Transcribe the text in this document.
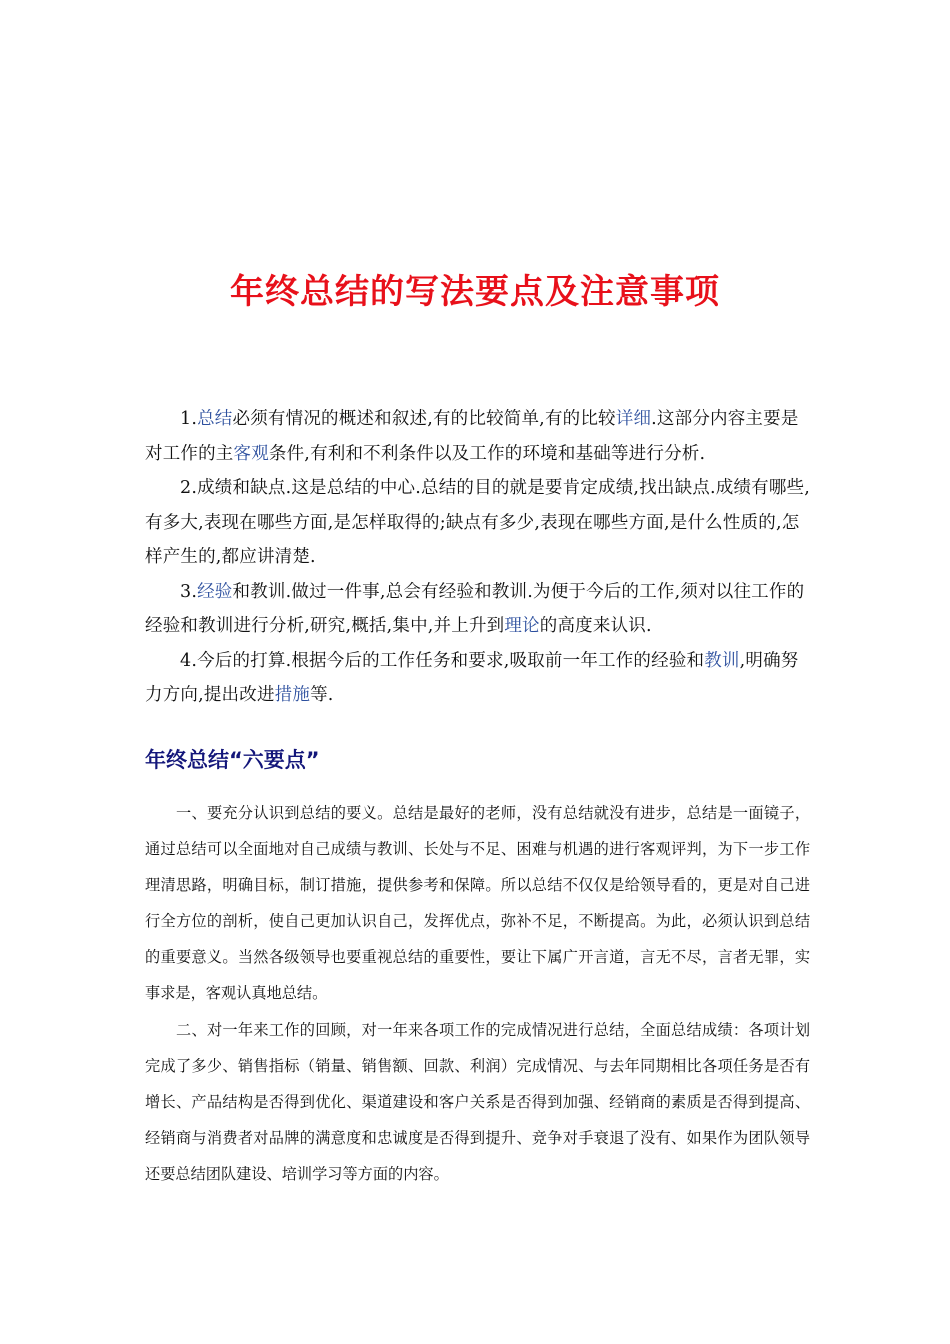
年终总结的写法要点及注意事项

1.总结必须有情况的概述和叙述,有的比较简单,有的比较详细.这部分内容主要是对工作的主客观条件,有利和不利条件以及工作的环境和基础等进行分析.

2.成绩和缺点.这是总结的中心.总结的目的就是要肯定成绩,找出缺点.成绩有哪些,有多大,表现在哪些方面,是怎样取得的;缺点有多少,表现在哪些方面,是什么性质的,怎样产生的,都应讲清楚.

3.经验和教训.做过一件事,总会有经验和教训.为便于今后的工作,须对以往工作的经验和教训进行分析,研究,概括,集中,并上升到理论的高度来认识.

4.今后的打算.根据今后的工作任务和要求,吸取前一年工作的经验和教训,明确努力方向,提出改进措施等.

年终总结“六要点”

一、要充分认识到总结的要义。总结是最好的老师，没有总结就没有进步，总结是一面镜子，通过总结可以全面地对自己成绩与教训、长处与不足、困难与机遇的进行客观评判，为下一步工作理清思路，明确目标，制订措施，提供参考和保障。所以总结不仅仅是给领导看的，更是对自己进行全方位的剖析，使自己更加认识自己，发挥优点，弥补不足，不断提高。为此，必须认识到总结的重要意义。当然各级领导也要重视总结的重要性，要让下属广开言道，言无不尽，言者无罪，实事求是，客观认真地总结。

二、对一年来工作的回顾，对一年来各项工作的完成情况进行总结，全面总结成绩：各项计划完成了多少、销售指标（销量、销售额、回款、利润）完成情况、与去年同期相比各项任务是否有增长、产品结构是否得到优化、渠道建设和客户关系是否得到加强、经销商的素质是否得到提高、经销商与消费者对品牌的满意度和忠诚度是否得到提升、竞争对手衰退了没有、如果作为团队领导还要总结团队建设、培训学习等方面的内容。
